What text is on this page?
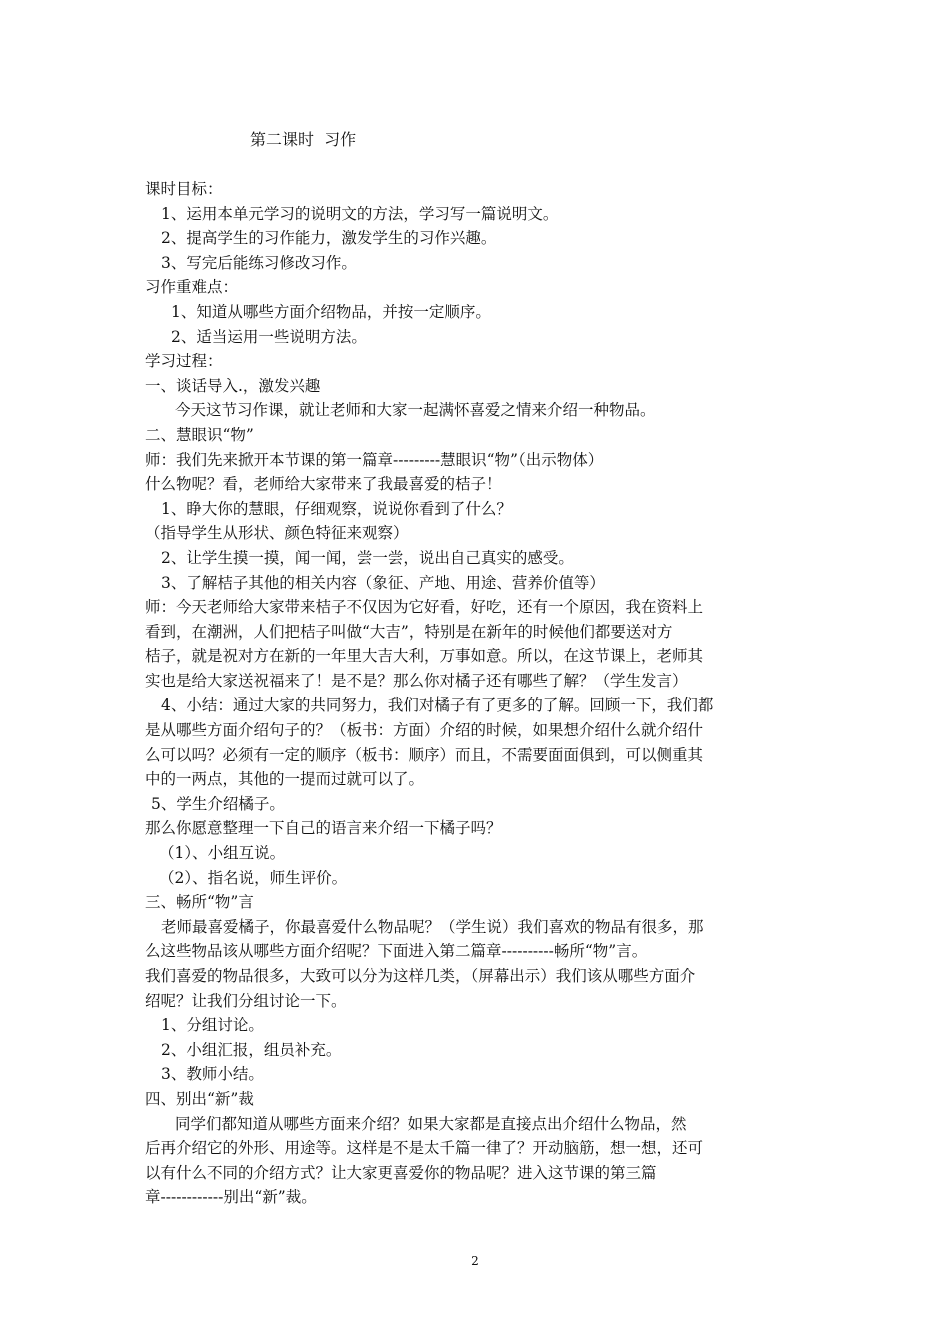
第二课时  习作
课时目标：
1、运用本单元学习的说明文的方法，学习写一篇说明文。
2、提高学生的习作能力，激发学生的习作兴趣。
3、写完后能练习修改习作。
习作重难点：
1、知道从哪些方面介绍物品，并按一定顺序。
2、适当运用一些说明方法。
学习过程：
一、谈话导入.，激发兴趣
今天这节习作课，就让老师和大家一起满怀喜爱之情来介绍一种物品。
二、慧眼识“物”
师：我们先来掀开本节课的第一篇章---------慧眼识“物”（出示物体）
什么物呢？看，老师给大家带来了我最喜爱的桔子！
1、睁大你的慧眼，仔细观察，说说你看到了什么？
（指导学生从形状、颜色特征来观察）
2、让学生摸一摸，闻一闻，尝一尝，说出自己真实的感受。
3、了解桔子其他的相关内容（象征、产地、用途、营养价值等）
师：今天老师给大家带来桔子不仅因为它好看，好吃，还有一个原因，我在资料上
看到，在潮洲，人们把桔子叫做“大吉”，特别是在新年的时候他们都要送对方
桔子，就是祝对方在新的一年里大吉大利，万事如意。所以，在这节课上，老师其
实也是给大家送祝福来了！是不是？那么你对橘子还有哪些了解？（学生发言）
4、小结：通过大家的共同努力，我们对橘子有了更多的了解。回顾一下，我们都
是从哪些方面介绍句子的？（板书：方面）介绍的时候，如果想介绍什么就介绍什
么可以吗？必须有一定的顺序（板书：顺序）而且，不需要面面俱到，可以侧重其
中的一两点，其他的一提而过就可以了。
5、学生介绍橘子。
那么你愿意整理一下自己的语言来介绍一下橘子吗？
（1）、小组互说。
（2）、指名说，师生评价。
三、畅所“物”言
老师最喜爱橘子，你最喜爱什么物品呢？（学生说）我们喜欢的物品有很多，那
么这些物品该从哪些方面介绍呢？下面进入第二篇章----------畅所“物”言。
我们喜爱的物品很多，大致可以分为这样几类，（屏幕出示）我们该从哪些方面介
绍呢？让我们分组讨论一下。
1、分组讨论。
2、小组汇报，组员补充。
3、教师小结。
四、别出“新”裁
同学们都知道从哪些方面来介绍？如果大家都是直接点出介绍什么物品，然
后再介绍它的外形、用途等。这样是不是太千篇一律了？开动脑筋，想一想，还可
以有什么不同的介绍方式？让大家更喜爱你的物品呢？进入这节课的第三篇
章------------别出“新”裁。
2
